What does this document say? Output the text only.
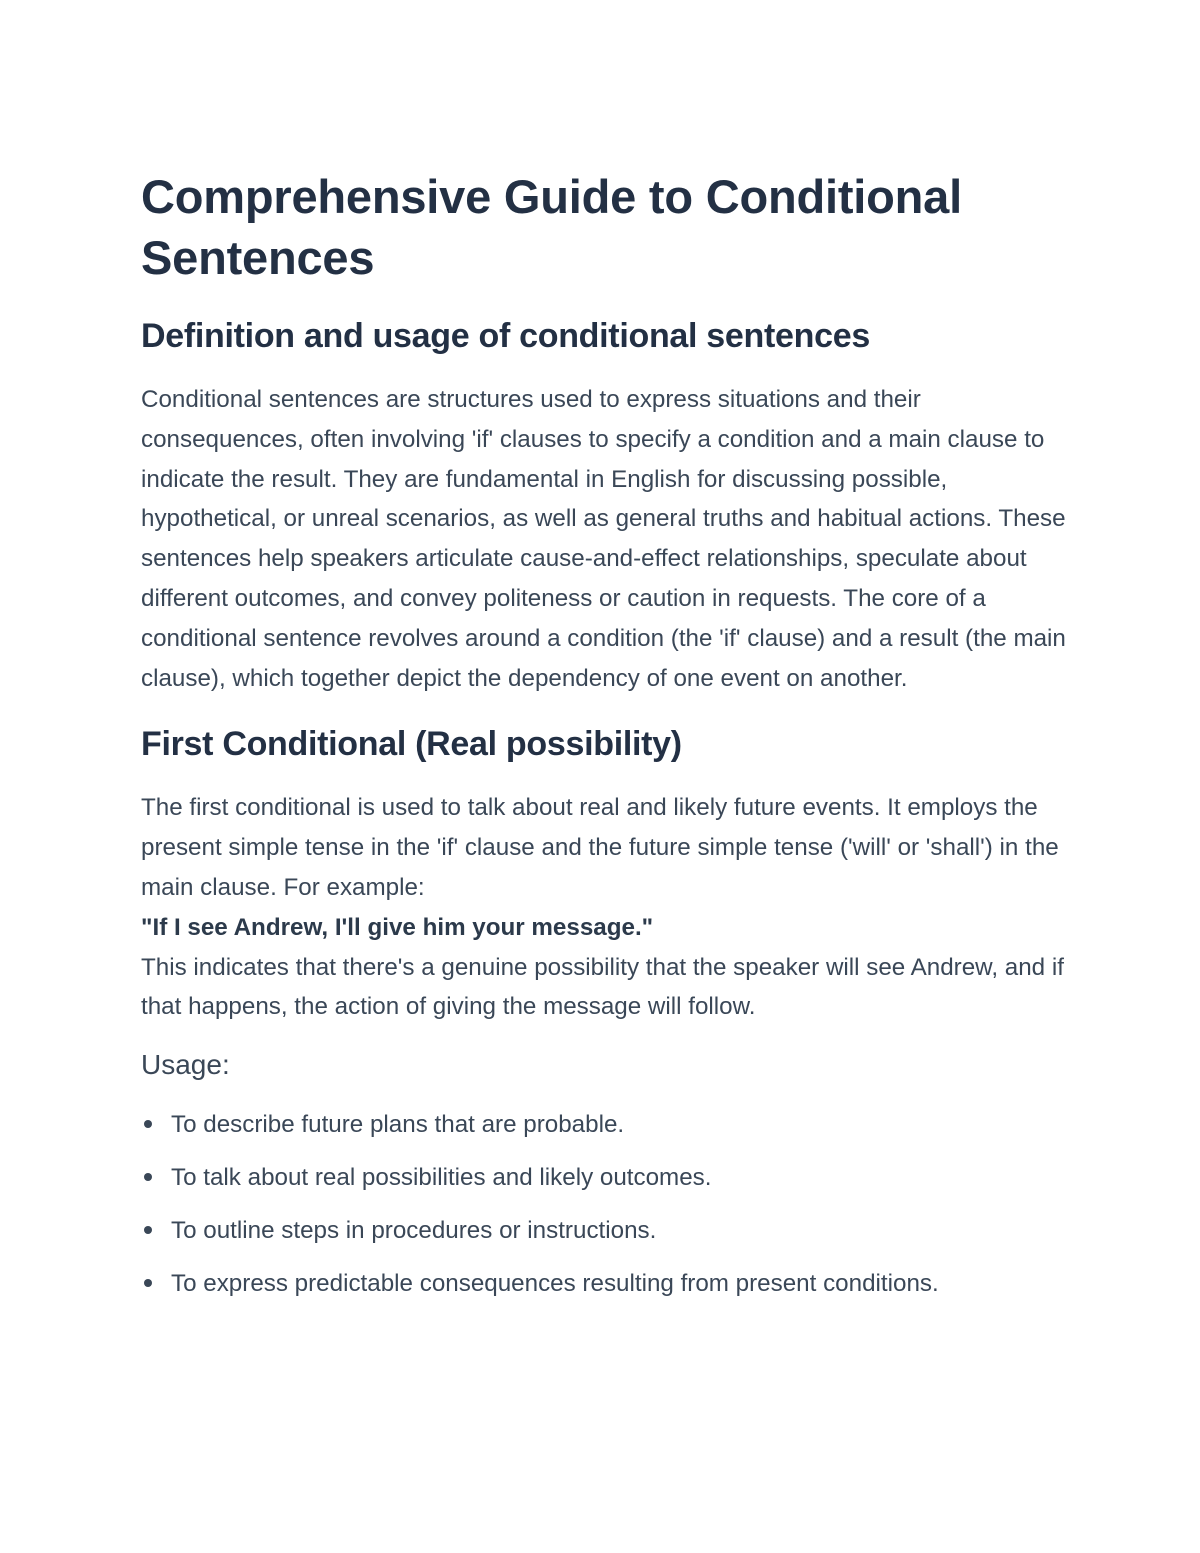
Comprehensive Guide to Conditional Sentences
Definition and usage of conditional sentences

Conditional sentences are structures used to express situations and their consequences, often involving 'if' clauses to specify a condition and a main clause to indicate the result. They are fundamental in English for discussing possible, hypothetical, or unreal scenarios, as well as general truths and habitual actions. These sentences help speakers articulate cause-and-effect relationships, speculate about different outcomes, and convey politeness or caution in requests. The core of a conditional sentence revolves around a condition (the 'if' clause) and a result (the main clause), which together depict the dependency of one event on another.

First Conditional (Real possibility)

The first conditional is used to talk about real and likely future events. It employs the present simple tense in the 'if' clause and the future simple tense ('will' or 'shall') in the main clause. For example:

"If I see Andrew, I'll give him your message."

This indicates that there's a genuine possibility that the speaker will see Andrew, and if that happens, the action of giving the message will follow.

Usage:
To describe future plans that are probable.
To talk about real possibilities and likely outcomes.
To outline steps in procedures or instructions.
To express predictable consequences resulting from present conditions.
